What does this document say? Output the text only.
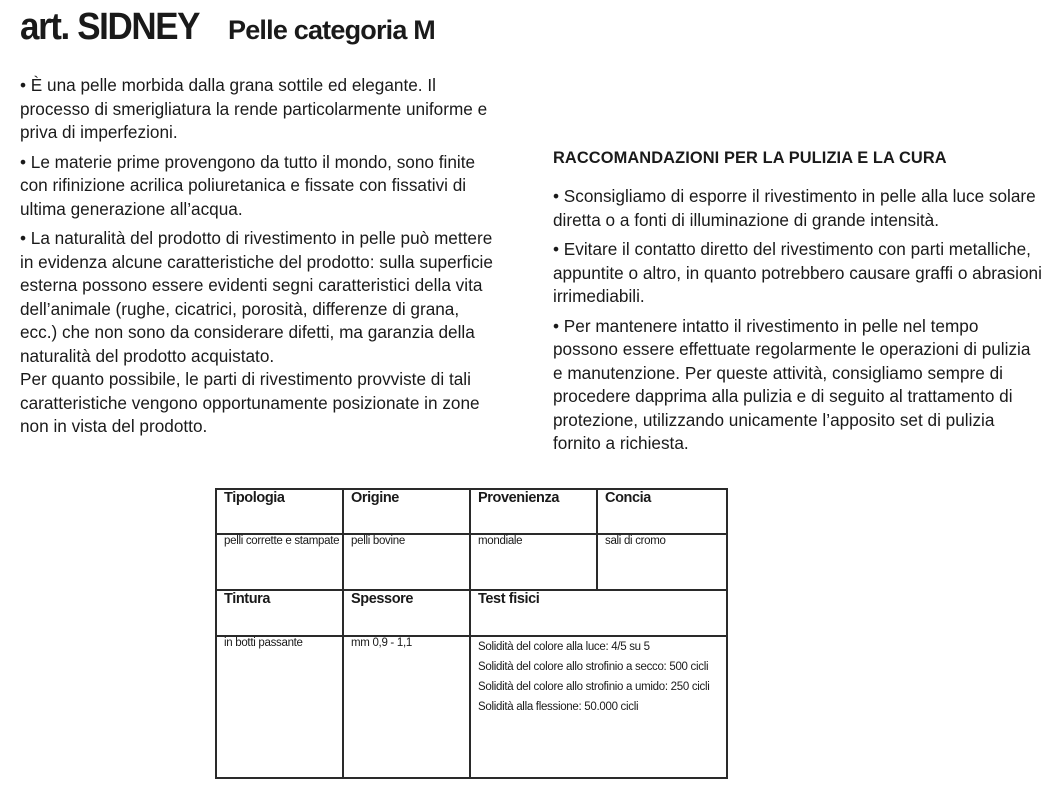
art. SIDNEY Pelle categoria M

• È una pelle morbida dalla grana sottile ed elegante. Il processo di smerigliatura la rende particolarmente uniforme e priva di imperfezioni.

• Le materie prime provengono da tutto il mondo, sono finite con rifinizione acrilica poliuretanica e fissate con fissativi di ultima generazione all’acqua.

• La naturalità del prodotto di rivestimento in pelle può mettere in evidenza alcune caratteristiche del prodotto: sulla superficie esterna possono essere evidenti segni caratteristici della vita dell’animale (rughe, cicatrici, porosità, differenze di grana, ecc.) che non sono da considerare difetti, ma garanzia della naturalità del prodotto acquistato.

Per quanto possibile, le parti di rivestimento provviste di tali caratteristiche vengono opportunamente posizionate in zone non in vista del prodotto.

RACCOMANDAZIONI PER LA PULIZIA E LA CURA

• Sconsigliamo di esporre il rivestimento in pelle alla luce solare diretta o a fonti di illuminazione di grande intensità.

• Evitare il contatto diretto del rivestimento con parti metalliche, appuntite o altro, in quanto potrebbero causare graffi o abrasioni irrimediabili.

• Per mantenere intatto il rivestimento in pelle nel tempo possono essere effettuate regolarmente le operazioni di pulizia e manutenzione. Per queste attività, consigliamo sempre di procedere dapprima alla pulizia e di seguito al trattamento di protezione, utilizzando unicamente l’apposito set di pulizia fornito a richiesta.

Tipologia	Origine	Provenienza	Concia
pelli corrette e stampate	pelli bovine	mondiale	sali di cromo
Tintura	Spessore	Test fisici	
in botti passante	mm 0,9 - 1,1	Solidità del colore alla luce: 4/5 su 5
Solidità del colore allo strofinio a secco: 500 cicli
Solidità del colore allo strofinio a umido: 250 cicli
Solidità alla flessione: 50.000 cicli	
